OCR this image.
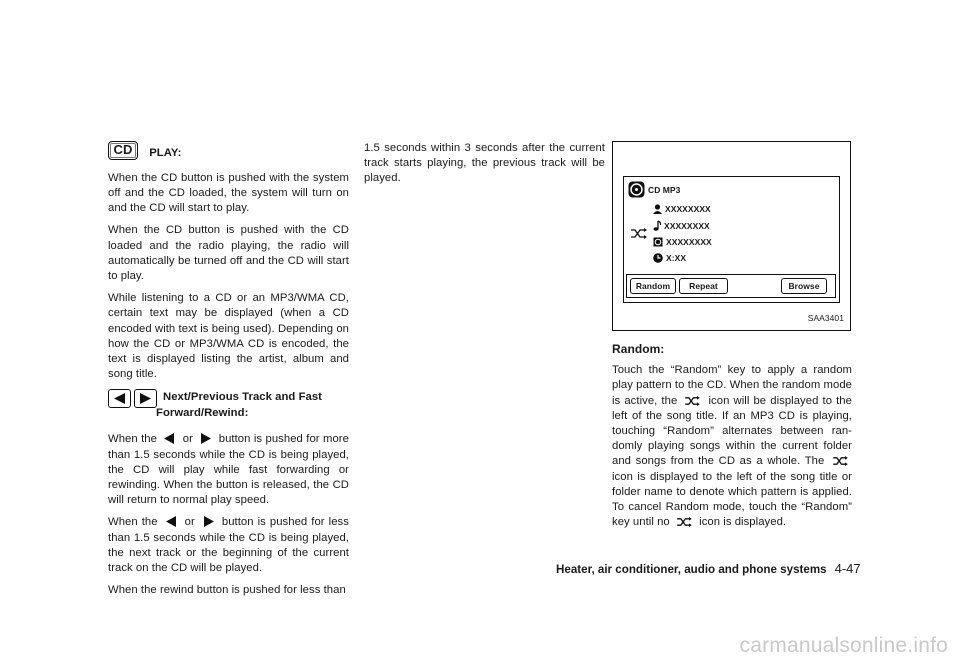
CD PLAY:

When the CD button is pushed with the system off and the CD loaded, the system will turn on and the CD will start to play.

When the CD button is pushed with the CD loaded and the radio playing, the radio will automatically be turned off and the CD will start to play.

While listening to a CD or an MP3/WMA CD, certain text may be displayed (when a CD encoded with text is being used). Depending on how the CD or MP3/WMA CD is encoded, the text is displayed listing the artist, album and song title.

Next/Previous Track and Fast
Forward/Rewind:

When the or button is pushed for more than 1.5 seconds while the CD is being played, the CD will play while fast forwarding or rewinding. When the button is released, the CD will return to normal play speed.

When the or button is pushed for less than 1.5 seconds while the CD is being played, the next track or the beginning of the current track on the CD will be played.

When the rewind button is pushed for less than

1.5 seconds within 3 seconds after the current track starts playing, the previous track will be played.

CD MP3
XXXXXXXX
XXXXXXXX
XXXXXXXX
X:XX
Random	Repeat	Browse
SAA3401

Random:

Touch the “Random” key to apply a random play pattern to the CD. When the random mode is active, the	icon will be displayed to the left of the song title. If an MP3 CD is playing, touching “Random” alternates between ran-domly playing songs within the current folder and songs from the CD as a whole. The  icon is displayed to the left of the song title or folder name to denote which pattern is applied. To cancel Random mode, touch the “Random” key until no	icon is displayed.

Heater, air conditioner, audio and phone systems 4-47
carmanualsonline.info
